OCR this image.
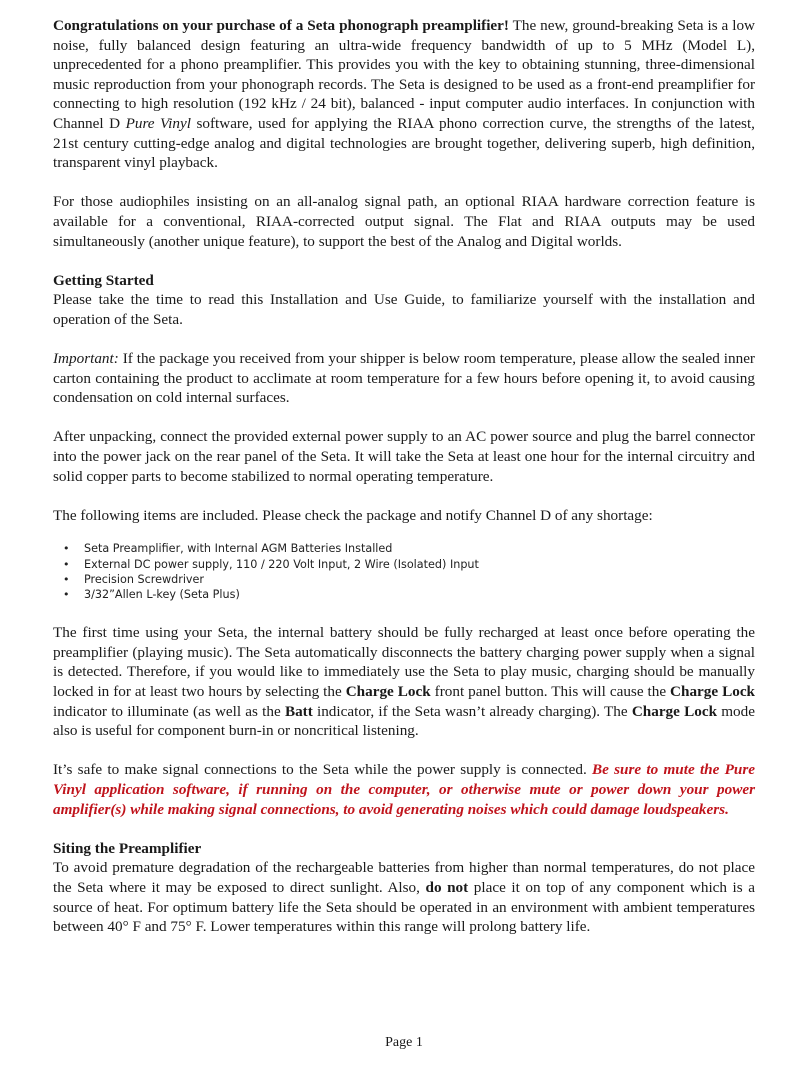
Congratulations on your purchase of a Seta phonograph preamplifier! The new, ground-breaking Seta is a low noise, fully balanced design featuring an ultra-wide frequency bandwidth of up to 5 MHz (Model L), unprecedented for a phono preamplifier. This provides you with the key to obtaining stunning, three-dimensional music reproduction from your phonograph records. The Seta is designed to be used as a front-end preamplifier for connecting to high resolution (192 kHz / 24 bit), balanced - input computer audio interfaces. In conjunction with Channel D Pure Vinyl software, used for applying the RIAA phono correction curve, the strengths of the latest, 21st century cutting-edge analog and digital technologies are brought together, delivering superb, high definition, transparent vinyl playback.

For those audiophiles insisting on an all-analog signal path, an optional RIAA hardware correction feature is available for a conventional, RIAA-corrected output signal. The Flat and RIAA outputs may be used simultaneously (another unique feature), to support the best of the Analog and Digital worlds.

Getting Started

Please take the time to read this Installation and Use Guide, to familiarize yourself with the installation and operation of the Seta.

Important: If the package you received from your shipper is below room temperature, please allow the sealed inner carton containing the product to acclimate at room temperature for a few hours before opening it, to avoid causing condensation on cold internal surfaces.

After unpacking, connect the provided external power supply to an AC power source and plug the barrel connector into the power jack on the rear panel of the Seta. It will take the Seta at least one hour for the internal circuitry and solid copper parts to become stabilized to normal operating temperature.

The following items are included. Please check the package and notify Channel D of any shortage:

• Seta Preamplifier, with Internal AGM Batteries Installed
• External DC power supply, 110 / 220 Volt Input, 2 Wire (Isolated) Input
• Precision Screwdriver
• 3/32”Allen L-key (Seta Plus)

The first time using your Seta, the internal battery should be fully recharged at least once before operating the preamplifier (playing music). The Seta automatically disconnects the battery charging power supply when a signal is detected. Therefore, if you would like to immediately use the Seta to play music, charging should be manually locked in for at least two hours by selecting the Charge Lock front panel button. This will cause the Charge Lock indicator to illuminate (as well as the Batt indicator, if the Seta wasn’t already charging). The Charge Lock mode also is useful for component burn-in or noncritical listening.

It’s safe to make signal connections to the Seta while the power supply is connected. Be sure to mute the Pure Vinyl application software, if running on the computer, or otherwise mute or power down your power amplifier(s) while making signal connections, to avoid generating noises which could damage loudspeakers.

Siting the Preamplifier

To avoid premature degradation of the rechargeable batteries from higher than normal temperatures, do not place the Seta where it may be exposed to direct sunlight. Also, do not place it on top of any component which is a source of heat. For optimum battery life the Seta should be operated in an environment with ambient temperatures between 40° F and 75° F. Lower temperatures within this range will prolong battery life.

Page 1
